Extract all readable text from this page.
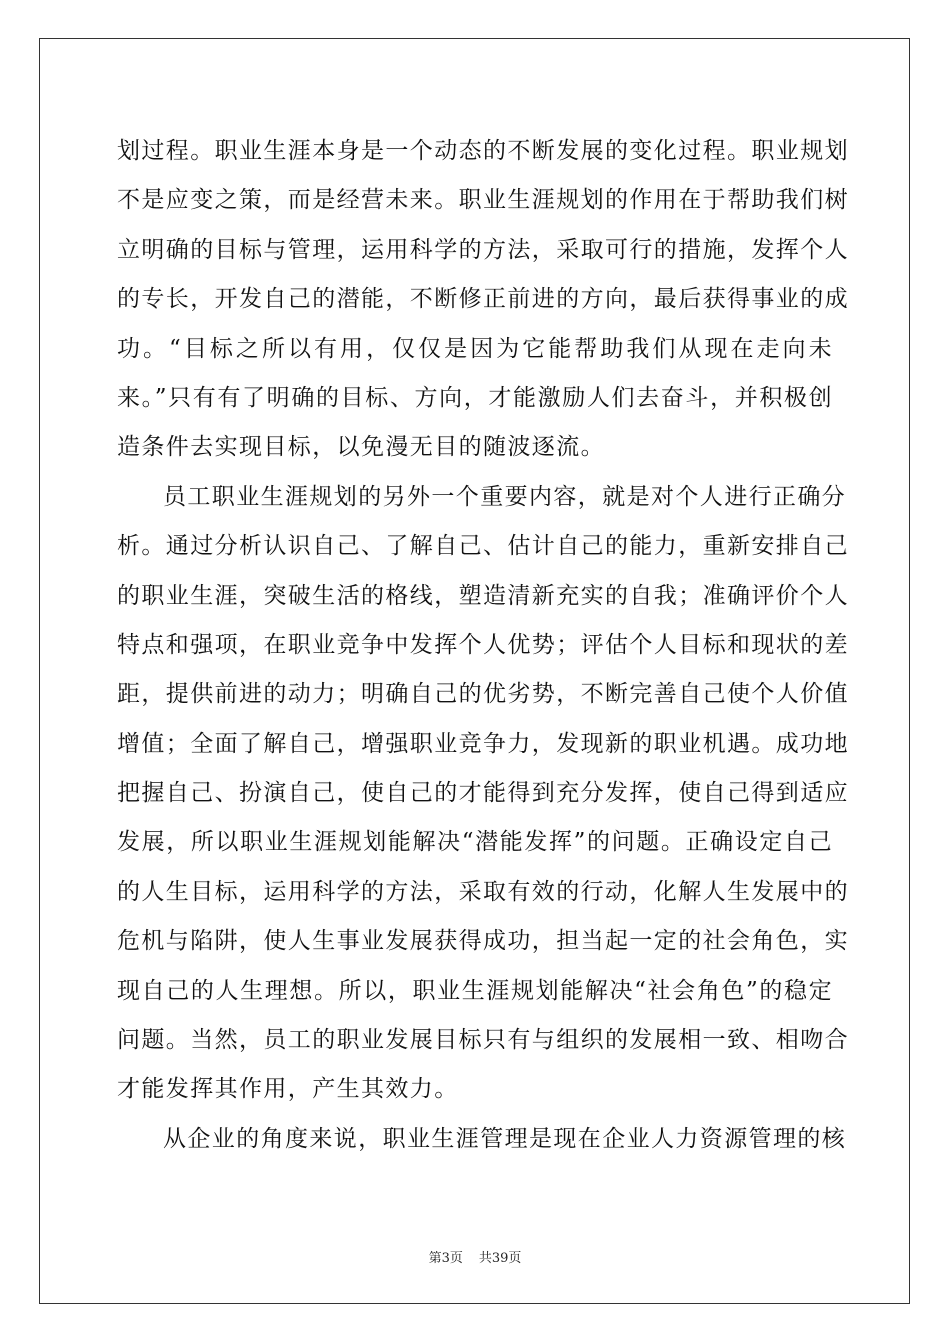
划过程。职业生涯本身是一个动态的不断发展的变化过程。职业规划
不是应变之策，而是经营未来。职业生涯规划的作用在于帮助我们树
立明确的目标与管理，运用科学的方法，采取可行的措施，发挥个人
的专长，开发自己的潜能，不断修正前进的方向，最后获得事业的成
功。“目标之所以有用，仅仅是因为它能帮助我们从现在走向未
来。”只有有了明确的目标、方向，才能激励人们去奋斗，并积极创
造条件去实现目标，以免漫无目的随波逐流。
员工职业生涯规划的另外一个重要内容，就是对个人进行正确分
析。通过分析认识自己、了解自己、估计自己的能力，重新安排自己
的职业生涯，突破生活的格线，塑造清新充实的自我；准确评价个人
特点和强项，在职业竞争中发挥个人优势；评估个人目标和现状的差
距，提供前进的动力；明确自己的优劣势，不断完善自己使个人价值
增值；全面了解自己，增强职业竞争力，发现新的职业机遇。成功地
把握自己、扮演自己，使自己的才能得到充分发挥，使自己得到适应
发展，所以职业生涯规划能解决“潜能发挥”的问题。正确设定自己
的人生目标，运用科学的方法，采取有效的行动，化解人生发展中的
危机与陷阱，使人生事业发展获得成功，担当起一定的社会角色，实
现自己的人生理想。所以，职业生涯规划能解决“社会角色”的稳定
问题。当然，员工的职业发展目标只有与组织的发展相一致、相吻合
才能发挥其作用，产生其效力。
从企业的角度来说，职业生涯管理是现在企业人力资源管理的核
第3页 共39页
